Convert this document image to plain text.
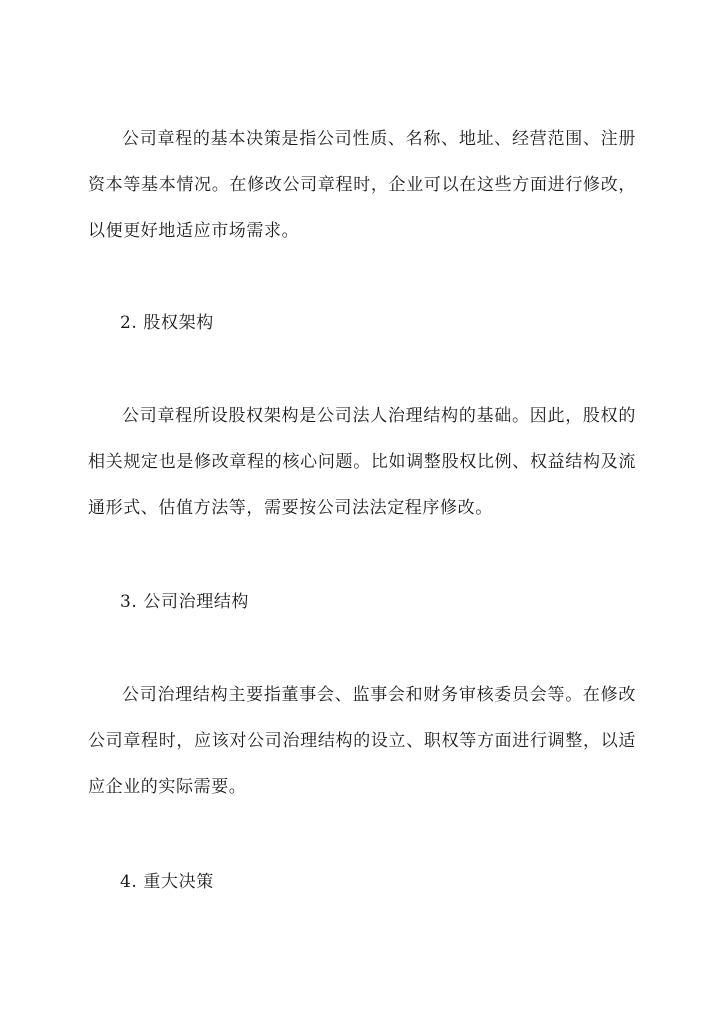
公司章程的基本决策是指公司性质、名称、地址、经营范围、注册资本等基本情况。在修改公司章程时，企业可以在这些方面进行修改，以便更好地适应市场需求。

2. 股权架构

公司章程所设股权架构是公司法人治理结构的基础。因此，股权的相关规定也是修改章程的核心问题。比如调整股权比例、权益结构及流通形式、估值方法等，需要按公司法法定程序修改。

3. 公司治理结构

公司治理结构主要指董事会、监事会和财务审核委员会等。在修改公司章程时，应该对公司治理结构的设立、职权等方面进行调整，以适应企业的实际需要。

4. 重大决策
